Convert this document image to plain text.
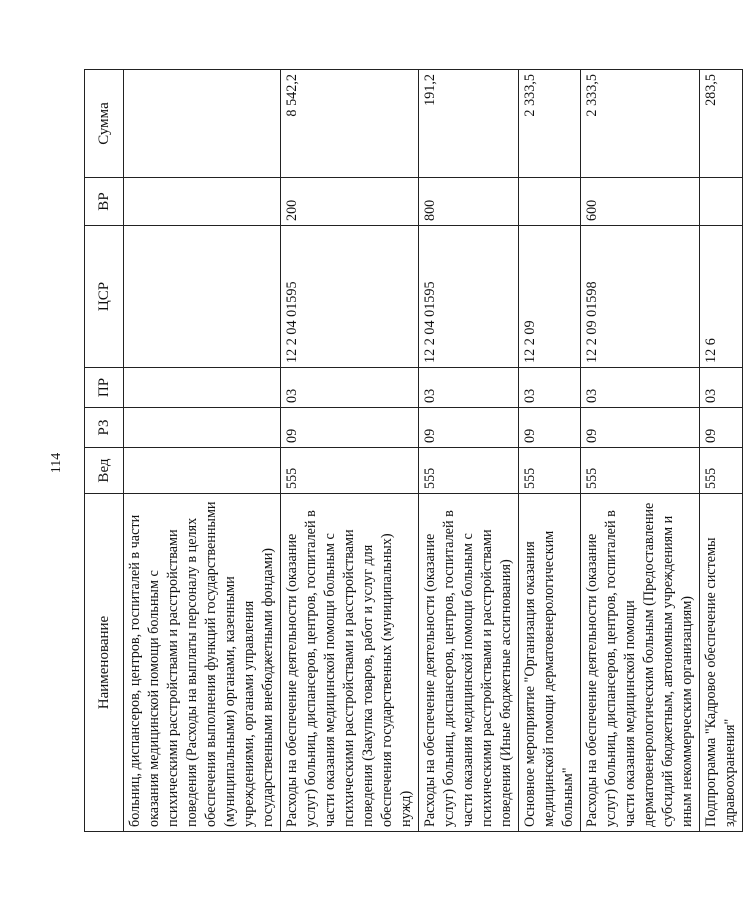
114
Наименование	Вед	РЗ	ПР	ЦСР	ВР	Сумма
больниц, диспансеров, центров, госпиталей в части оказания медицинской помощи больным с психическими расстройствами и расстройствами поведения (Расходы на выплаты персоналу в целях обеспечения выполнения функций государственными (муниципальными) органами, казенными учреждениями, органами управления государственными внебюджетными фондами)						
Расходы на обеспечение деятельности (оказание услуг) больниц, диспансеров, центров, госпиталей в части оказания медицинской помощи больным с психическими расстройствами и расстройствами поведения (Закупка товаров, работ и услуг для обеспечения государственных (муниципальных) нужд)	555	09	03	12 2 04 01595	200	8 542,2
Расходы на обеспечение деятельности (оказание услуг) больниц, диспансеров, центров, госпиталей в части оказания медицинской помощи больным с психическими расстройствами и расстройствами поведения (Иные бюджетные ассигнования)	555	09	03	12 2 04 01595	800	191,2
Основное мероприятие "Организация оказания медицинской помощи дерматовенерологическим больным"	555	09	03	12 2 09		2 333,5
Расходы на обеспечение деятельности (оказание услуг) больниц, диспансеров, центров, госпиталей в части оказания медицинской помощи дерматовенерологическим больным (Предоставление субсидий бюджетным, автономным учреждениям и иным некоммерческим организациям)	555	09	03	12 2 09 01598	600	2 333,5
Подпрограмма "Кадровое обеспечение системы здравоохранения"	555	09	03	12 6		283,5
